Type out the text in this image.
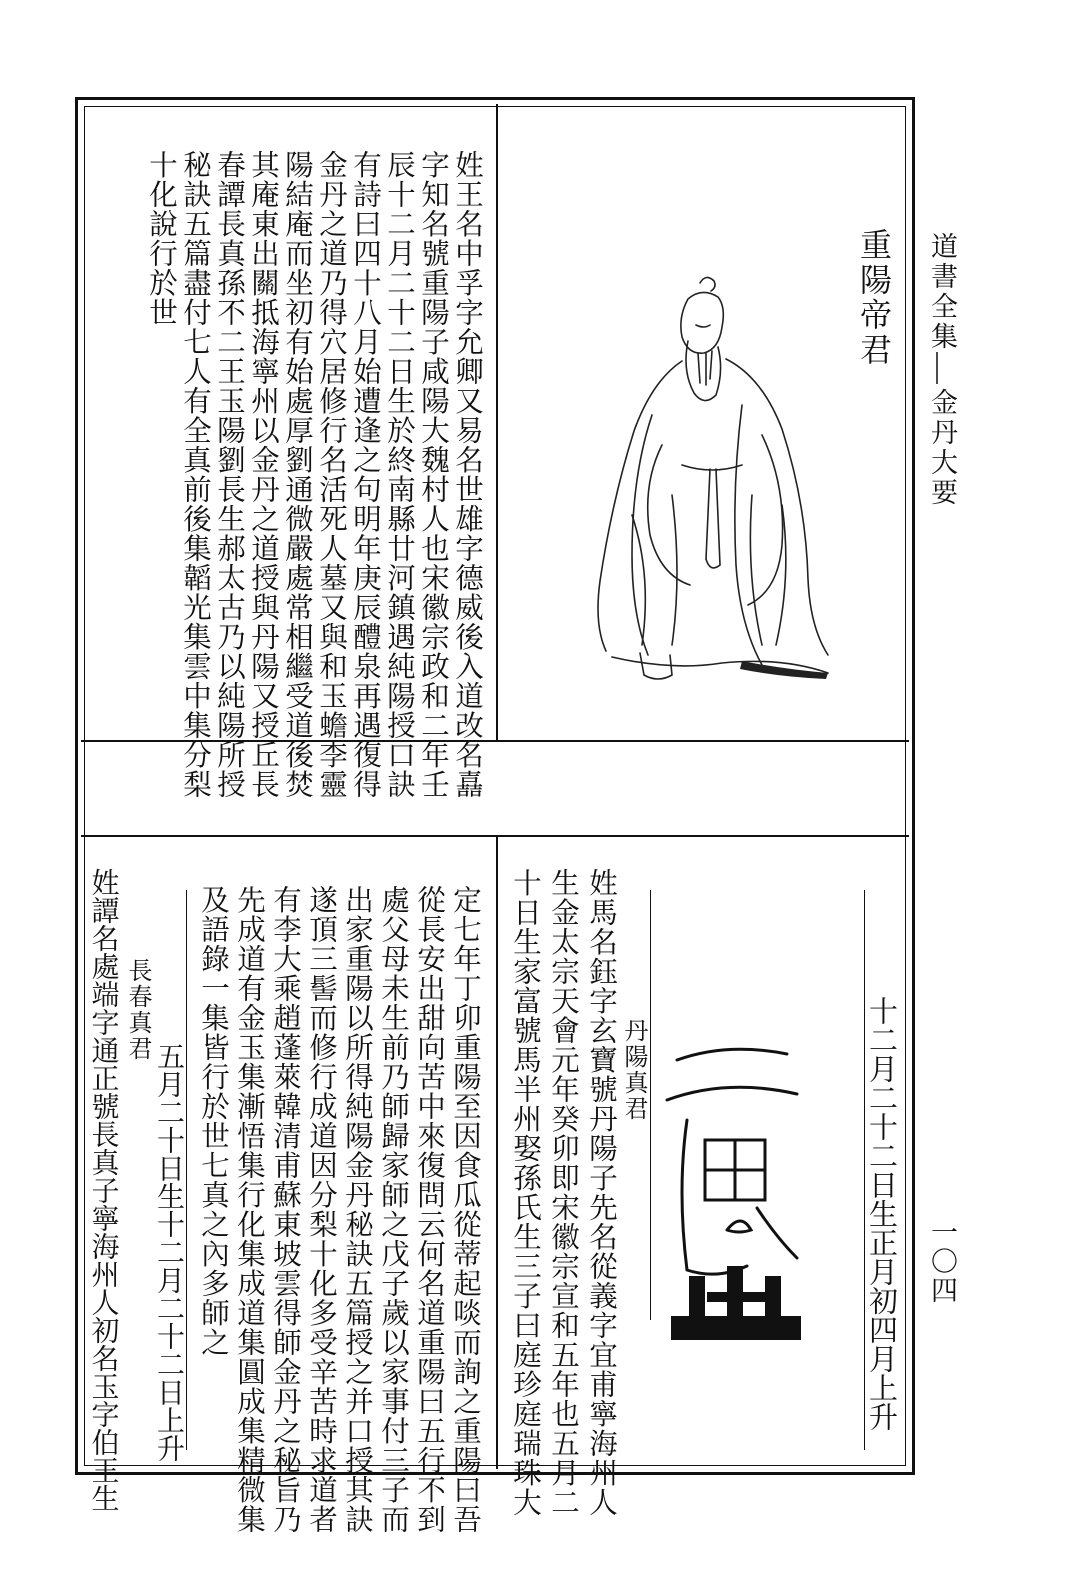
道書全集
金丹大要
一〇四
重陽帝君
姓王名中孚字允卿又易名世雄字德威後入道改名嚞
字知名號重陽子咸陽大魏村人也宋徽宗政和二年壬
辰十二月二十二日生於終南縣廿河鎮遇純陽授口訣
有詩曰四十八月始遭逢之句明年庚辰醴泉再遇復得
金丹之道乃得穴居修行名活死人墓又與和玉蟾李靈
陽結庵而坐初有始處厚劉通微嚴處常相繼受道後焚
其庵東出關抵海寧州以金丹之道授與丹陽又授丘長
春譚長真孫不二王玉陽劉長生郝太古乃以純陽所授
秘訣五篇盡付七人有全真前後集韜光集雲中集分梨
十化說行於世
十二月二十二日生正月初四月上升
丹陽真君
姓馬名鈺字玄寶號丹陽子先名從義字宜甫寧海州人
生金太宗天會元年癸卯即宋徽宗宣和五年也五月二
十日生家富號馬半州娶孫氏生三子曰庭珍庭瑞珠大
定七年丁卯重陽至因食瓜從蒂起啖而詢之重陽曰吾
從長安出甜向苦中來復問云何名道重陽曰五行不到
處父母未生前乃師歸家師之戊子歲以家事付三子而
出家重陽以所得純陽金丹秘訣五篇授之并口授其訣
遂頂三髻而修行成道因分梨十化多受辛苦時求道者
有李大乘趙蓬萊韓清甫蘇東坡雲得師金丹之秘旨乃
先成道有金玉集漸悟集行化集成道集圓成集精微集
及語錄一集皆行於世七真之內多師之
五月二十日生十二月二十二日上升
長春真君
姓譚名處端字通正號長真子寧海州人初名玉字伯王生
